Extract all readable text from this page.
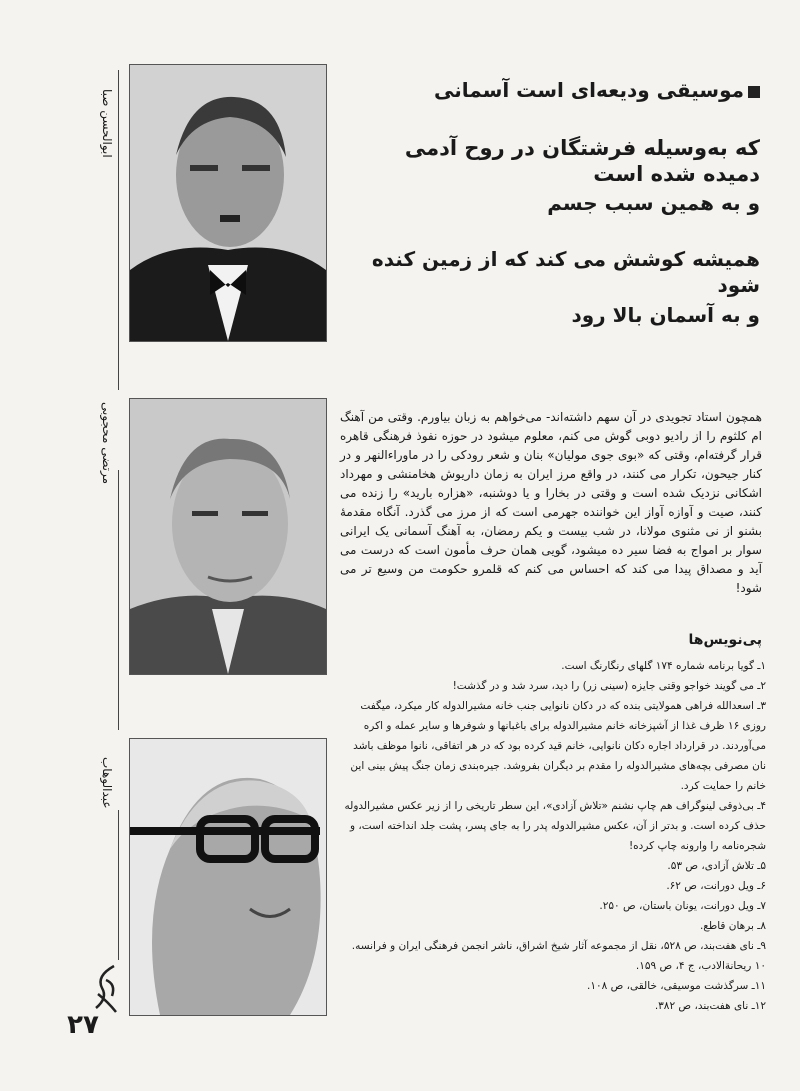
ابوالحسن صبا
مرتضی محجوبی
عبدالوهاب
۲۷
موسیقی ودیعه‌ای است آسمانی
که به‌وسیله فرشتگان در روح آدمی دمیده شده است
و به همین سبب جسم
همیشه کوشش می کند که از زمین کنده شود
و به آسمان بالا رود
همچون استاد تجویدی در آن سهم داشته‌اند- می‌خواهم به زبان بیاورم. وقتی من آهنگ ام کلثوم را از رادیو دوبی گوش می کنم، معلوم میشود در حوزه نفوذ فرهنگی قاهره قرار گرفته‌ام، وقتی که «بوی جوی مولیان» بنان و شعر رودکی را در ماوراءالنهر و در کنار جیحون، تکرار می کنند، در واقع مرز ایران به زمان داریوش هخامنشی و مهرداد اشکانی نزدیک شده است و وقتی در بخارا و یا دوشنبه، «هزاره بارید» را زنده می کنند، صیت و آوازه آواز این خواننده جهرمی است که از مرز می گذرد. آنگاه مقدمهٔ بشنو از نی مثنوی مولانا، در شب بیست و یکم رمضان، به آهنگ آسمانی یک ایرانی سوار بر امواج به فضا سیر ده میشود، گویی همان حرف مأمون است که درست می آید و مصداق پیدا می کند که احساس می کنم که قلمرو حکومت من وسیع تر می شود!
پی‌نویس‌ها
۱ـ گویا برنامه شماره ۱۷۴ گلهای رنگارنگ است.
۲ـ می گویند خواجو وقتی جایزه (سینی زر) را دید، سرد شد و در گذشت!
۳ـ اسعدالله فراهی همولایتی بنده که در دکان نانوایی جنب خانه مشیرالدوله کار میکرد، میگفت روزی ۱۶ ظرف غذا از آشپزخانه خانم مشیرالدوله برای باغبانها و شوفرها و سایر عمله و اکره می‌آوردند. در قرارداد اجاره دکان نانوایی، خانم قید کرده بود که در هر اتفاقی، نانوا موظف باشد نان مصرفی بچه‌های مشیرالدوله را مقدم بر دیگران بفروشد. جیره‌بندی زمان جنگ پیش بینی این خانم را حمایت کرد.
۴ـ بی‌ذوقی لینوگراف هم چاپ نشنم «تلاش آزادی»، این سطر تاریخی را از زیر عکس مشیرالدوله حذف کرده است. و بدتر از آن، عکس مشیرالدوله پدر را به جای پسر، پشت جلد انداخته است، و شجره‌نامه را وارونه چاپ کرده!
۵ـ تلاش آزادی، ص ۵۳.
۶ـ ویل دورانت، ص ۶۲.
۷ـ ویل دورانت، یونان باستان، ص ۲۵۰.
۸ـ برهان قاطع.
۹ـ نای هفت‌بند، ص ۵۲۸، نقل از مجموعه آثار شیخ اشراق، ناشر انجمن فرهنگی ایران و فرانسه.
۱۰ ریحانة‌الادب، ج ۴، ص ۱۵۹.
۱۱ـ سرگذشت موسیقی، خالقی، ص ۱۰۸.
۱۲ـ نای هفت‌بند، ص ۳۸۲.
